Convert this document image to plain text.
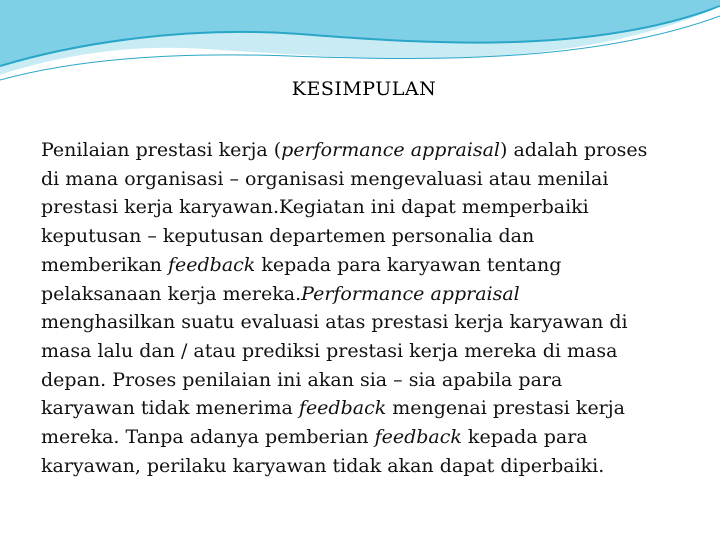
KESIMPULAN
Penilaian prestasi kerja (performance appraisal) adalah proses
di mana organisasi – organisasi mengevaluasi atau menilai
prestasi kerja karyawan.Kegiatan ini dapat memperbaiki
keputusan – keputusan departemen personalia dan
memberikan feedback kepada para karyawan tentang
pelaksanaan kerja mereka.Performance appraisal
menghasilkan suatu evaluasi atas prestasi kerja karyawan di
masa lalu dan / atau prediksi prestasi kerja mereka di masa
depan. Proses penilaian ini akan sia – sia apabila para
karyawan tidak menerima feedback mengenai prestasi kerja
mereka. Tanpa adanya pemberian feedback kepada para
karyawan, perilaku karyawan tidak akan dapat diperbaiki.
